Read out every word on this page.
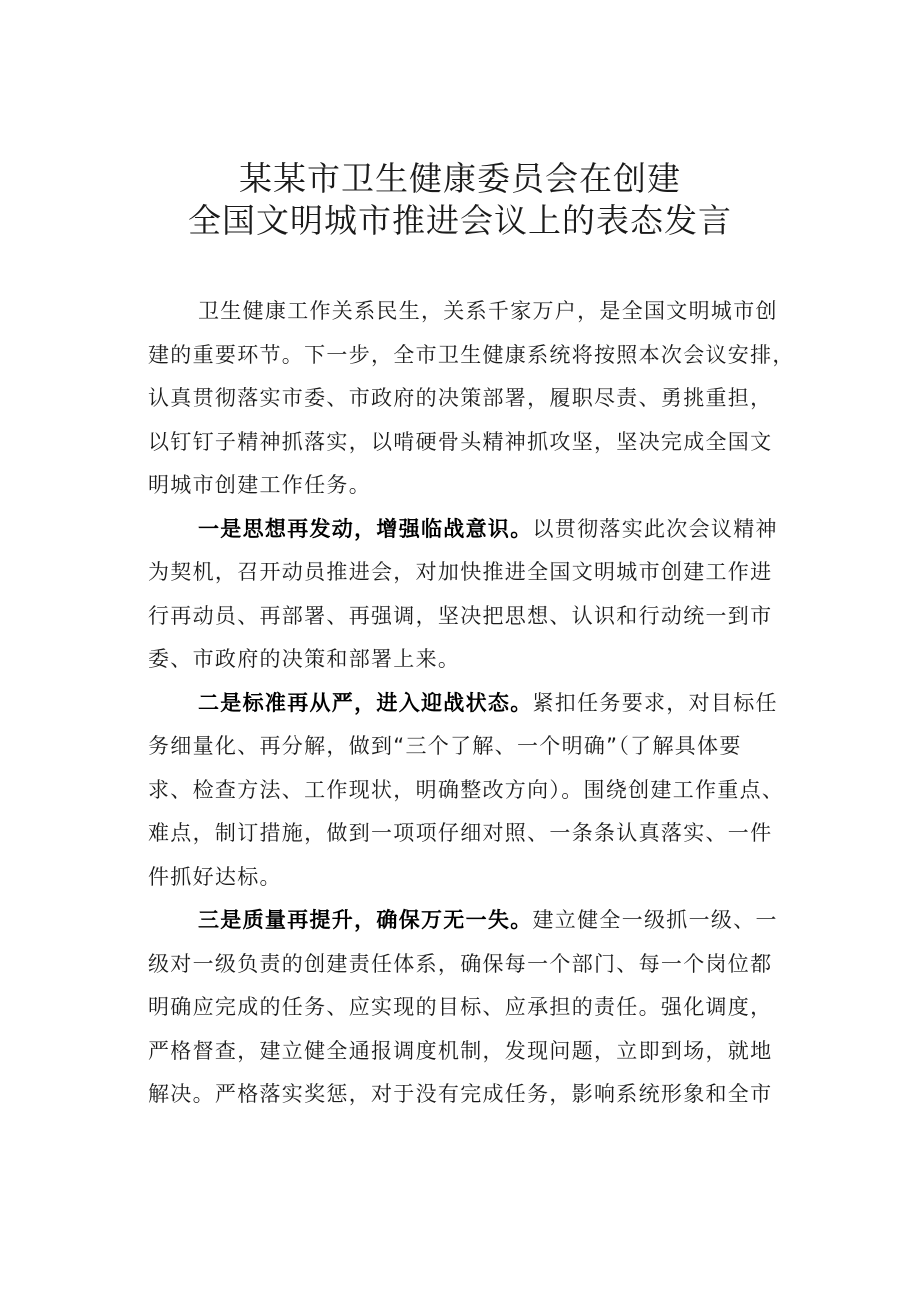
某某市卫生健康委员会在创建
全国文明城市推进会议上的表态发言
卫生健康工作关系民生，关系千家万户，是全国文明城市创
建的重要环节。下一步，全市卫生健康系统将按照本次会议安排，
认真贯彻落实市委、市政府的决策部署，履职尽责、勇挑重担，
以钉钉子精神抓落实，以啃硬骨头精神抓攻坚，坚决完成全国文
明城市创建工作任务。
一是思想再发动，增强临战意识。以贯彻落实此次会议精神
为契机，召开动员推进会，对加快推进全国文明城市创建工作进
行再动员、再部署、再强调，坚决把思想、认识和行动统一到市
委、市政府的决策和部署上来。
二是标准再从严，进入迎战状态。紧扣任务要求，对目标任
务细量化、再分解，做到“三个了解、一个明确”（了解具体要
求、检查方法、工作现状，明确整改方向）。围绕创建工作重点、
难点，制订措施，做到一项项仔细对照、一条条认真落实、一件
件抓好达标。
三是质量再提升，确保万无一失。建立健全一级抓一级、一
级对一级负责的创建责任体系，确保每一个部门、每一个岗位都
明确应完成的任务、应实现的目标、应承担的责任。强化调度，
严格督查，建立健全通报调度机制，发现问题，立即到场，就地
解决。严格落实奖惩，对于没有完成任务，影响系统形象和全市
